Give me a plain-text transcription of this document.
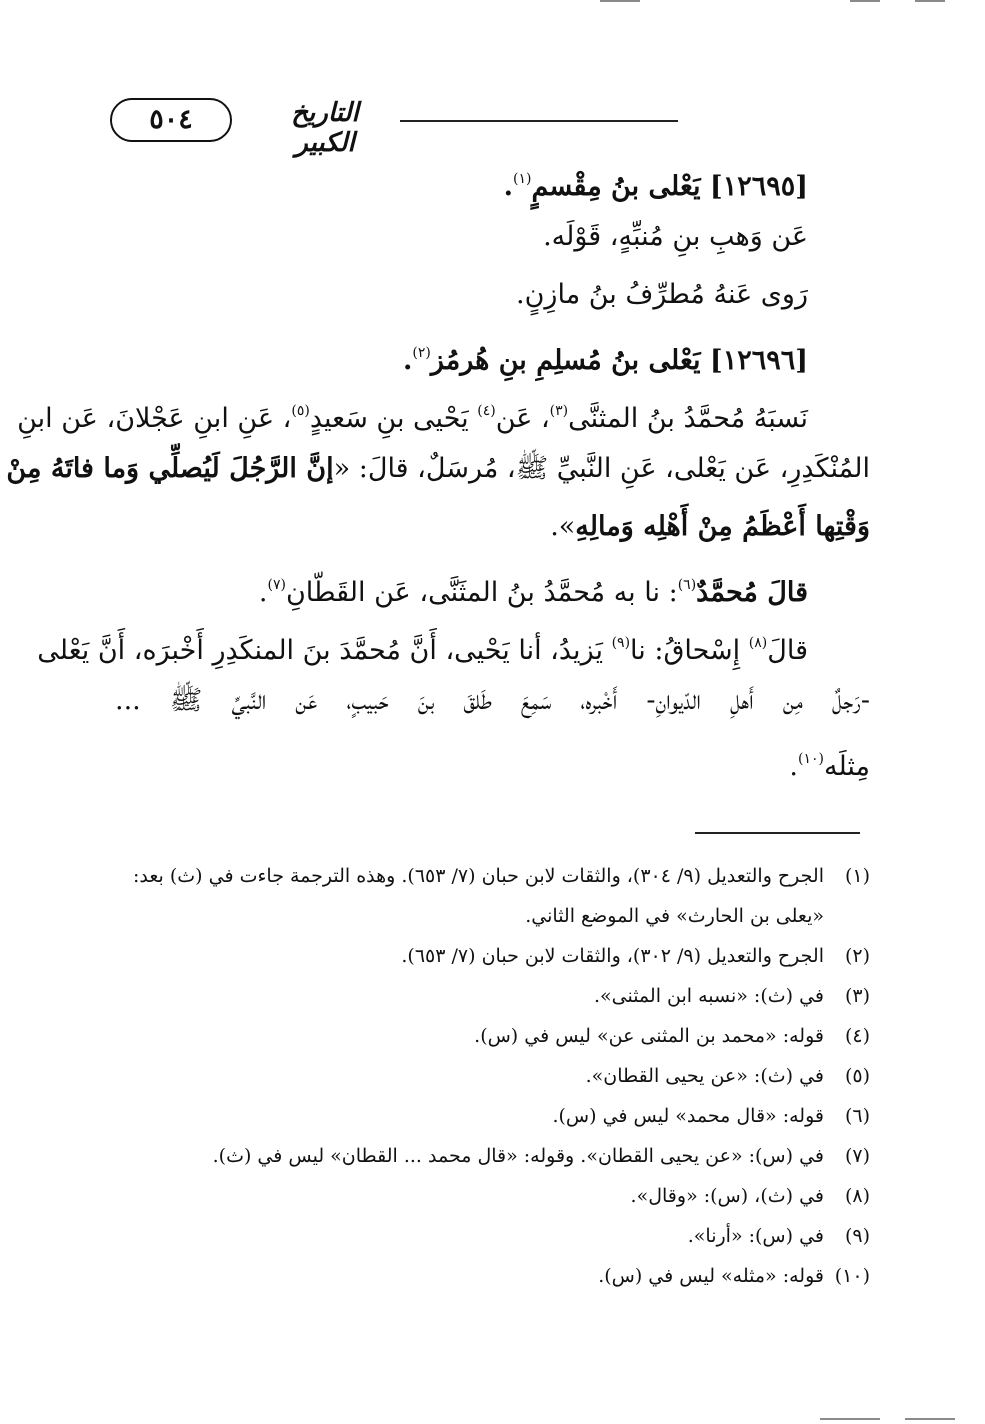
التاريخ الكبير
٥٠٤
[١٢٦٩٥] يَعْلى بنُ مِقْسمٍ$^{(١)}$.
عَن وَهبِ بنِ مُنبِّهٍ، قَوْلَه.
رَوى عَنهُ مُطرِّفُ بنُ مازِنٍ.
[١٢٦٩٦] يَعْلى بنُ مُسلِمِ بنِ هُرمُز$^{(٢)}$.
نَسبَهُ مُحمَّدُ بنُ المثنَّى$^{(٣)}$، عَن$^{(٤)}$ يَحْيى بنِ سَعيدٍ$^{(٥)}$، عَنِ ابنِ عَجْلانَ، عَن ابنِ
المُنْكَدِرِ، عَن يَعْلى، عَنِ النَّبيِّ ﷺ، مُرسَلٌ، قالَ: «إنَّ الرَّجُلَ لَيُصلِّي وَما فاتَهُ مِنْ
وَقْتِها أَعْظَمُ مِنْ أَهْلِه وَمالِهِ».
قالَ مُحمَّدٌ$^{(٦)}$: نا به مُحمَّدُ بنُ المثَنَّى، عَن القَطّانِ$^{(٧)}$.
قالَ$^{(٨)}$ إِسْحاقُ: نا$^{(٩)}$ يَزيدُ، أنا يَحْيى، أَنَّ مُحمَّدَ بنَ المنكَدِرِ أَخْبرَه، أَنَّ يَعْلى
-رَجلٌ مِن أَهلِ الدّيوانِ- أَخْبره، سَمِعَ طَلقَ بنَ حَبيبٍ، عَن النَّبيِّ ﷺ ...
مِثلَه$^{(١٠)}$.
(١)
الجرح والتعديل (٩/ ٣٠٤)، والثقات لابن حبان (٧/ ٦٥٣). وهذه الترجمة جاءت في (ث) بعد: «يعلى بن الحارث» في الموضع الثاني.
(٢)
الجرح والتعديل (٩/ ٣٠٢)، والثقات لابن حبان (٧/ ٦٥٣).
(٣)
في (ث): «نسبه ابن المثنى».
(٤)
قوله: «محمد بن المثنى عن» ليس في (س).
(٥)
في (ث): «عن يحيى القطان».
(٦)
قوله: «قال محمد» ليس في (س).
(٧)
في (س): «عن يحيى القطان». وقوله: «قال محمد ... القطان» ليس في (ث).
(٨)
في (ث)، (س): «وقال».
(٩)
في (س): «أرنا».
(١٠)
قوله: «مثله» ليس في (س).
